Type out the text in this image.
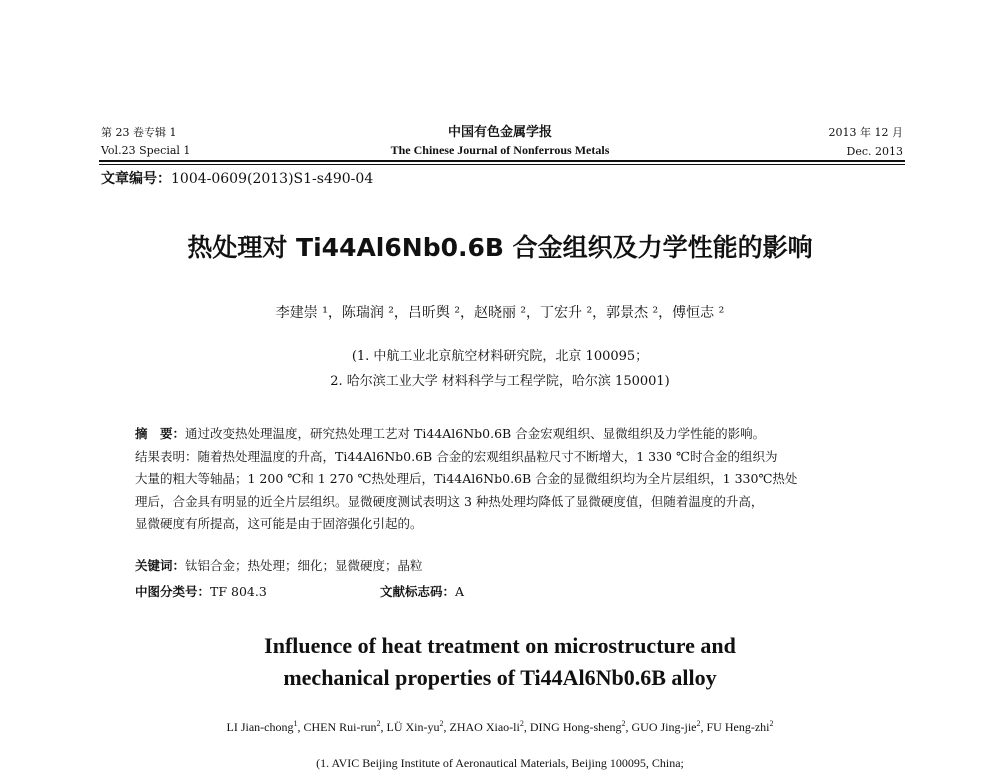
第 23 卷专辑 1	中国有色金属学报	2013 年 12 月
Vol.23 Special 1	The Chinese Journal of Nonferrous Metals	Dec. 2013
文章编号：1004-0609(2013)S1-s490-04
热处理对 Ti44Al6Nb0.6B 合金组织及力学性能的影响
李建崇 ¹，陈瑞润 ²，吕昕舆 ²，赵晓丽 ²，丁宏升 ²，郭景杰 ²，傅恒志 ²
(1. 中航工业北京航空材料研究院，北京 100095；
2. 哈尔滨工业大学 材料科学与工程学院，哈尔滨 150001)
摘　要：通过改变热处理温度，研究热处理工艺对 Ti44Al6Nb0.6B 合金宏观组织、显微组织及力学性能的影响。
结果表明：随着热处理温度的升高，Ti44Al6Nb0.6B 合金的宏观组织晶粒尺寸不断增大，1 330 ℃时合金的组织为
大量的粗大等轴晶；1 200 ℃和 1 270 ℃热处理后，Ti44Al6Nb0.6B 合金的显微组织均为全片层组织，1 330℃热处
理后，合金具有明显的近全片层组织。显微硬度测试表明这 3 种热处理均降低了显微硬度值，但随着温度的升高，
显微硬度有所提高，这可能是由于固溶强化引起的。
关键词：钛铝合金；热处理；细化；显微硬度；晶粒
中图分类号：TF 804.3	文献标志码：A
Influence of heat treatment on microstructure and
mechanical properties of Ti44Al6Nb0.6B alloy
LI Jian-chong$^1$, CHEN Rui-run$^2$, LÜ Xin-$yu^2$, ZHAO Xiao-$li^2$, DING Hong-sheng$^2$, GUO Jing-jie$^2$, FU Heng-zhi$^2$
(1. AVIC Beijing Institute of Aeronautical Materials, Beijing 100095, China;
